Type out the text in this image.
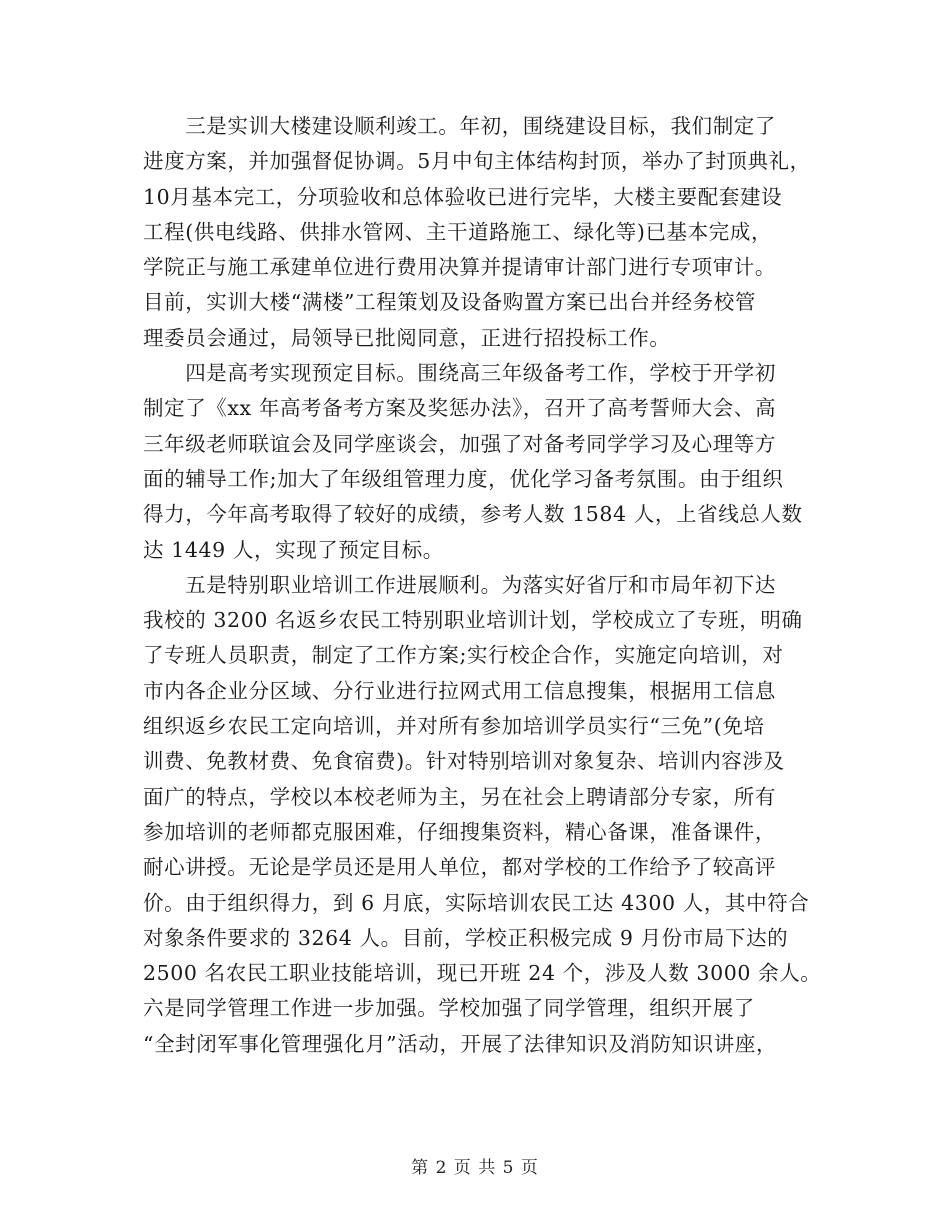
　　三是实训大楼建设顺利竣工。年初，围绕建设目标，我们制定了
进度方案，并加强督促协调。5月中旬主体结构封顶，举办了封顶典礼，
10月基本完工，分项验收和总体验收已进行完毕，大楼主要配套建设
工程(供电线路、供排水管网、主干道路施工、绿化等)已基本完成，
学院正与施工承建单位进行费用决算并提请审计部门进行专项审计。
目前，实训大楼“满楼”工程策划及设备购置方案已出台并经务校管
理委员会通过，局领导已批阅同意，正进行招投标工作。
　　四是高考实现预定目标。围绕高三年级备考工作，学校于开学初
制定了《xx 年高考备考方案及奖惩办法》，召开了高考誓师大会、高
三年级老师联谊会及同学座谈会，加强了对备考同学学习及心理等方
面的辅导工作;加大了年级组管理力度，优化学习备考氛围。由于组织
得力，今年高考取得了较好的成绩，参考人数 1584 人，上省线总人数
达 1449 人，实现了预定目标。
　　五是特别职业培训工作进展顺利。为落实好省厅和市局年初下达
我校的 3200 名返乡农民工特别职业培训计划，学校成立了专班，明确
了专班人员职责，制定了工作方案;实行校企合作，实施定向培训，对
市内各企业分区域、分行业进行拉网式用工信息搜集，根据用工信息
组织返乡农民工定向培训，并对所有参加培训学员实行“三免”(免培
训费、免教材费、免食宿费)。针对特别培训对象复杂、培训内容涉及
面广的特点，学校以本校老师为主，另在社会上聘请部分专家，所有
参加培训的老师都克服困难，仔细搜集资料，精心备课，准备课件，
耐心讲授。无论是学员还是用人单位，都对学校的工作给予了较高评
价。由于组织得力，到 6 月底，实际培训农民工达 4300 人，其中符合
对象条件要求的 3264 人。目前，学校正积极完成 9 月份市局下达的
2500 名农民工职业技能培训，现已开班 24 个，涉及人数 3000 余人。
六是同学管理工作进一步加强。学校加强了同学管理，组织开展了
“全封闭军事化管理强化月”活动，开展了法律知识及消防知识讲座，
第 2 页 共 5 页
